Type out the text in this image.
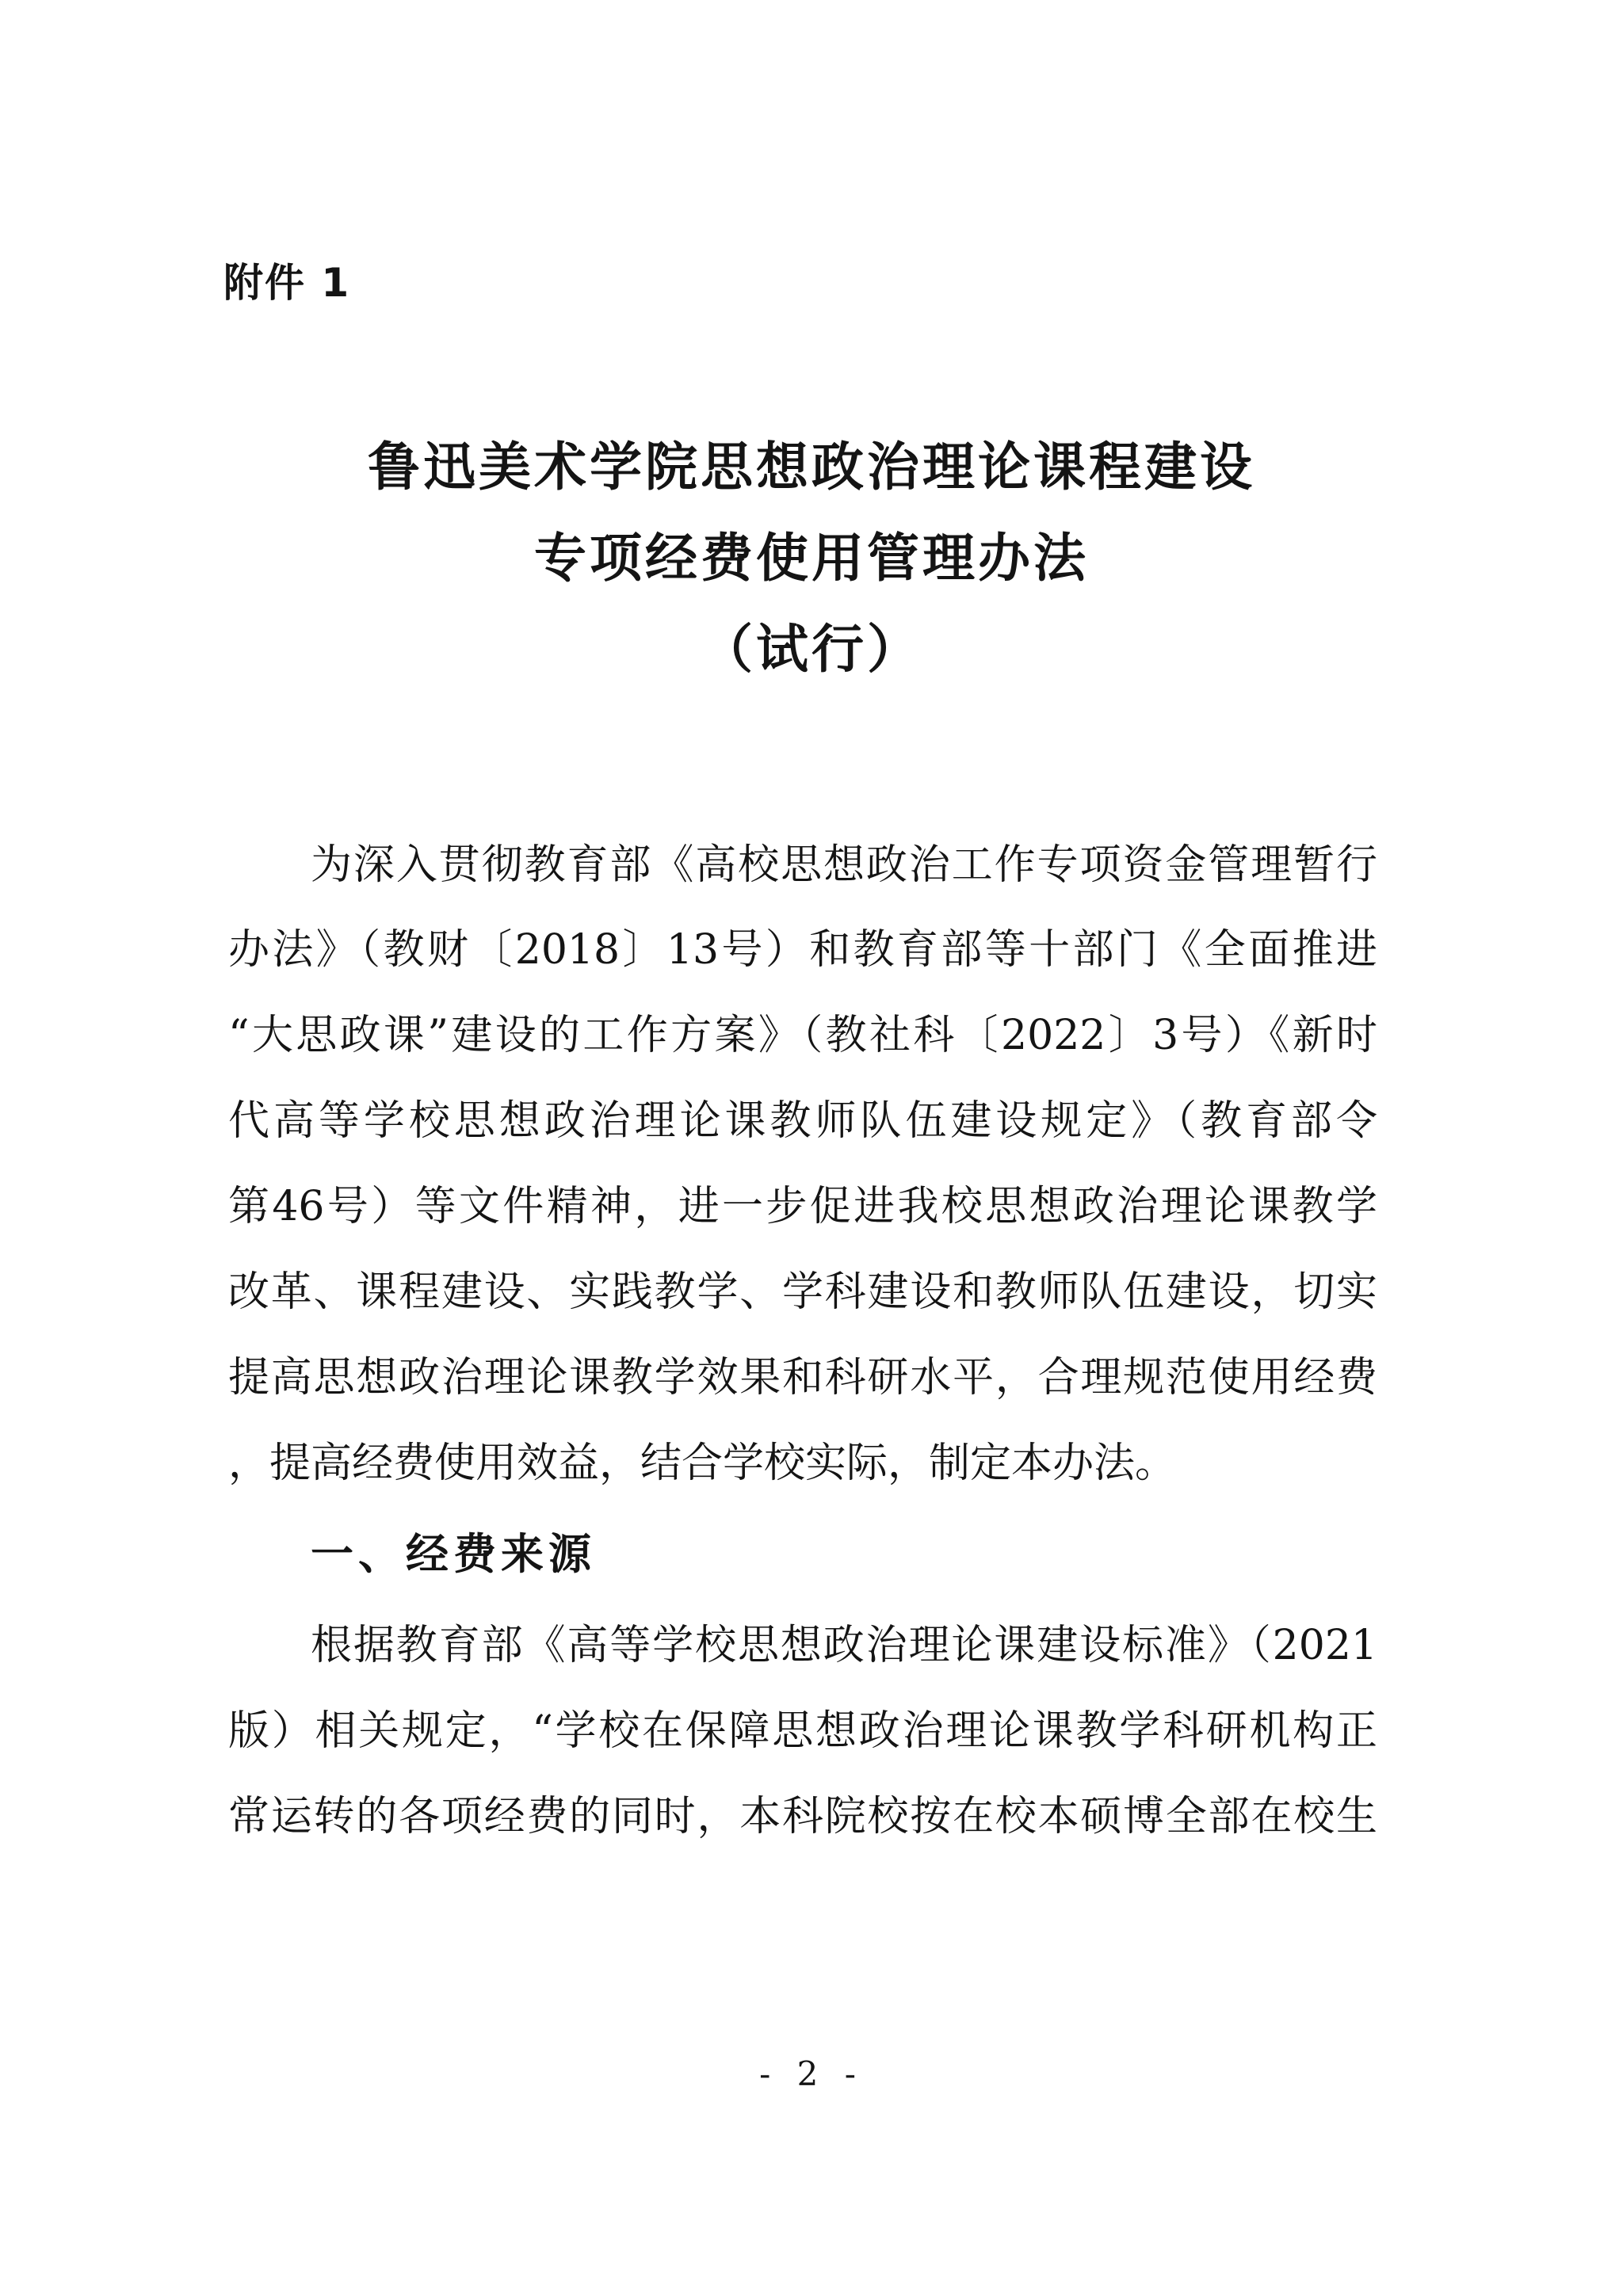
附件 1
鲁迅美术学院思想政治理论课程建设
专项经费使用管理办法
（试行）
为深入贯彻教育部《高校思想政治工作专项资金管理暂行
办法》（教财〔2018〕13号）和教育部等十部门《全面推进
“大思政课”建设的工作方案》（教社科〔2022〕3号）《新时
代高等学校思想政治理论课教师队伍建设规定》（教育部令
第46号）等文件精神，进一步促进我校思想政治理论课教学
改革、课程建设、实践教学、学科建设和教师队伍建设，切实
提高思想政治理论课教学效果和科研水平，合理规范使用经费
，提高经费使用效益，结合学校实际，制定本办法。
一、经费来源
根据教育部《高等学校思想政治理论课建设标准》（2021
版）相关规定，“学校在保障思想政治理论课教学科研机构正
常运转的各项经费的同时，本科院校按在校本硕博全部在校生
- 2 -
